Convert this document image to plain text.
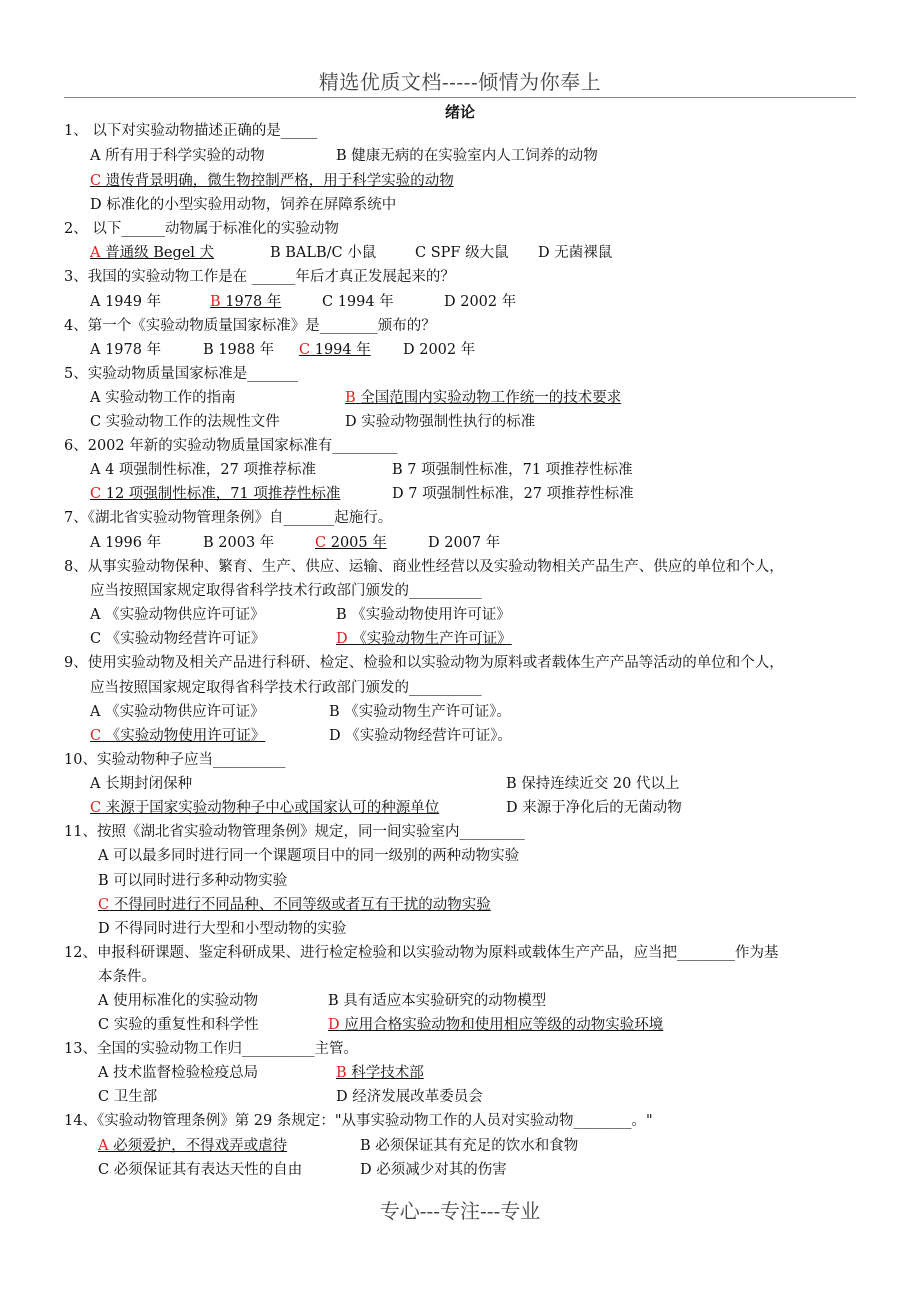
精选优质文档-----倾情为你奉上
绪论
1、 以下对实验动物描述正确的是_____
A 所有用于科学实验的动物	B 健康无病的在实验室内人工饲养的动物
C 遗传背景明确，微生物控制严格，用于科学实验的动物
D 标准化的小型实验用动物，饲养在屏障系统中
2、 以下______动物属于标准化的实验动物
A 普通级 Begel 犬	B BALB/C 小鼠	C SPF 级大鼠 D 无菌裸鼠
3、我国的实验动物工作是在 ______年后才真正发展起来的？
A 1949 年	B 1978 年	C 1994 年	D 2002 年
4、第一个《实验动物质量国家标准》是________颁布的？
A 1978 年	B 1988 年 C 1994 年 D 2002 年
5、实验动物质量国家标准是_______
A 实验动物工作的指南	B 全国范围内实验动物工作统一的技术要求
C 实验动物工作的法规性文件	D 实验动物强制性执行的标准
6、2002 年新的实验动物质量国家标准有_________
A 4 项强制性标准，27 项推荐标准	B 7 项强制性标准，71 项推荐性标准
C 12 项强制性标准，71 项推荐性标准	D 7 项强制性标准，27 项推荐性标准
7、《湖北省实验动物管理条例》自_______起施行。
A 1996 年	B 2003 年	C 2005 年	D 2007 年
8、从事实验动物保种、繁育、生产、供应、运输、商业性经营以及实验动物相关产品生产、供应的单位和个人，
应当按照国家规定取得省科学技术行政部门颁发的__________
A 《实验动物供应许可证》	B 《实验动物使用许可证》
C 《实验动物经营许可证》	D 《实验动物生产许可证》
9、使用实验动物及相关产品进行科研、检定、检验和以实验动物为原料或者载体生产产品等活动的单位和个人，
应当按照国家规定取得省科学技术行政部门颁发的__________
A 《实验动物供应许可证》	B 《实验动物生产许可证》。
C 《实验动物使用许可证》	D 《实验动物经营许可证》。
10、实验动物种子应当__________
A 长期封闭保种	B 保持连续近交 20 代以上
C 来源于国家实验动物种子中心或国家认可的种源单位	D 来源于净化后的无菌动物
11、按照《湖北省实验动物管理条例》规定，同一间实验室内_________
A 可以最多同时进行同一个课题项目中的同一级别的两种动物实验
B 可以同时进行多种动物实验
C 不得同时进行不同品种、不同等级或者互有干扰的动物实验
D 不得同时进行大型和小型动物的实验
12、申报科研课题、鉴定科研成果、进行检定检验和以实验动物为原料或载体生产产品，应当把________作为基
本条件。
A 使用标准化的实验动物	B 具有适应本实验研究的动物模型
C 实验的重复性和科学性	D 应用合格实验动物和使用相应等级的动物实验环境
13、全国的实验动物工作归__________主管。
A 技术监督检验检疫总局	B 科学技术部
C 卫生部	D 经济发展改革委员会
14、《实验动物管理条例》第 29 条规定："从事实验动物工作的人员对实验动物________。"
A 必须爱护，不得戏弄或虐待	B 必须保证其有充足的饮水和食物
C 必须保证其有表达天性的自由	D 必须减少对其的伤害
专心---专注---专业
